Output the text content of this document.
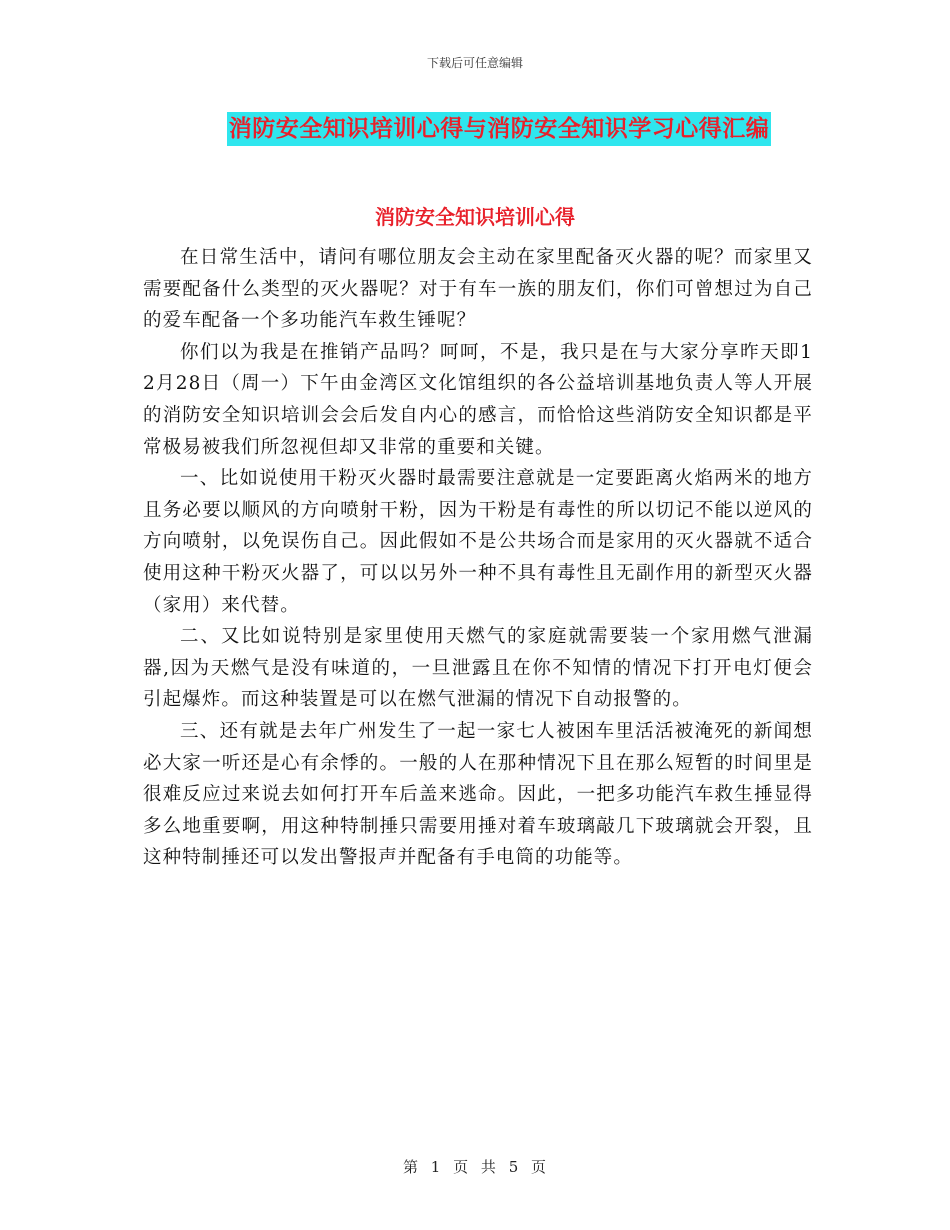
下载后可任意编辑
消防安全知识培训心得与消防安全知识学习心得汇编
消防安全知识培训心得

在日常生活中，请问有哪位朋友会主动在家里配备灭火器的呢？而家里又需要配备什么类型的灭火器呢？对于有车一族的朋友们，你们可曾想过为自己的爱车配备一个多功能汽车救生锤呢？

你们以为我是在推销产品吗？呵呵，不是，我只是在与大家分享昨天即12月28日（周一）下午由金湾区文化馆组织的各公益培训基地负责人等人开展的消防安全知识培训会会后发自内心的感言，而恰恰这些消防安全知识都是平常极易被我们所忽视但却又非常的重要和关键。

一、比如说使用干粉灭火器时最需要注意就是一定要距离火焰两米的地方且务必要以顺风的方向喷射干粉，因为干粉是有毒性的所以切记不能以逆风的方向喷射，以免误伤自己。因此假如不是公共场合而是家用的灭火器就不适合使用这种干粉灭火器了，可以以另外一种不具有毒性且无副作用的新型灭火器（家用）来代替。

二、又比如说特别是家里使用天燃气的家庭就需要装一个家用燃气泄漏器,因为天燃气是没有味道的，一旦泄露且在你不知情的情况下打开电灯便会引起爆炸。而这种装置是可以在燃气泄漏的情况下自动报警的。

三、还有就是去年广州发生了一起一家七人被困车里活活被淹死的新闻想必大家一听还是心有余悸的。一般的人在那种情况下且在那么短暂的时间里是很难反应过来说去如何打开车后盖来逃命。因此，一把多功能汽车救生捶显得多么地重要啊，用这种特制捶只需要用捶对着车玻璃敲几下玻璃就会开裂，且这种特制捶还可以发出警报声并配备有手电筒的功能等。

第 1 页 共 5 页
